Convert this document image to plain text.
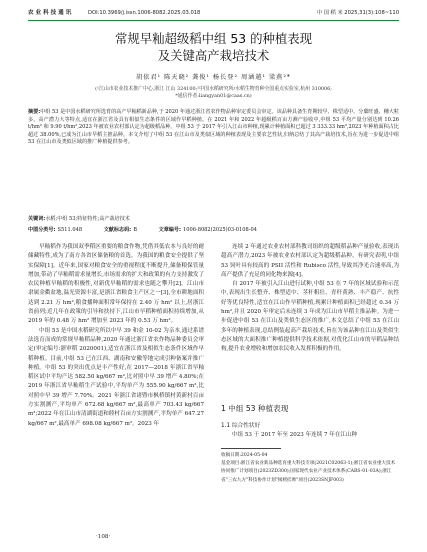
农 业 科 技 通 讯	DOI:10.3969/j.issn.1006-8082.2025.03.018	中 国 稻 米 2025,31(3):108~110
常规早籼超级稻中组 53 的种植表现
及关键高产栽培技术
胡依君¹ 陈天晓² 龚俊¹ 杨长登² 周涵越¹ 梁燕²*
(¹江山市农业技术推广中心,浙江 江山 324100;²中国水稻研究所/水稻生物育种全国重点实验室,杭州 310006;
*通信作者:liangyan01@caas.cn)
摘要:中组 53 是中国水稻研究所选育的高产早籼稻新品种,于 2020 年通过浙江省农作物品种审定委员会审定。该品种具备生育期较早、株型适中、分蘖旺盛、穗大粒多、高产潜力大等特点,适宜在浙江省及具有相似生态条件的区域作早稻种植。在 2021 年和 2022 年超级稻百亩方测产验收中,中组 53 平均产量分别达到 10.26 t/hm² 和 9.90 t/hm²,2023 年被农业农村部认定为超级稻品种。中组 53 于 2017 年引入江山市种植,现累计种植面积已超过 3 333.33 hm²,2023 年种植面积占比超过 38.00%,已成为江山市早稻主推品种。本文介绍了中组 53 在江山市及类似区域的种植表现及主要农艺性状,归纳总结了其高产栽培技术,旨在为进一步促进中组 53 在江山市及类似区域的推广种植提供参考。
关键词:水稻;中组 53;特征特性;高产栽培技术
中图分类号: S511.048	文献标志码: B	文章编号: 1006-8082(2025)03-0108-04

早籼稻作为我国双季稻区重要的粮食作物,凭借其低农本与良好的耐储藏特性,成为了南方各省区储备粮的首选。为我国的粮食安全提供了坚实保障[1]。近年来,国家对粮食安全的重视程度不断提升,储备粮保管量增加,带动了早籼稻需求量增长,市场需求的扩大和政策的有力支持激发了农民种植早籼稻的积极性,对新优早籼稻的需求也随之攀升[2]。江山市隶属金衢盆地,温光资源丰富,是浙江省粮食主产区之一[3],全市耕地面积达到 2.21 万 hm²,粮食播种面积常年保持在 2.40 万 hm² 以上,居浙江省前列;近几年在政策的引导和扶持下,江山市早稻种植面积持续增加,从 2019 年的 0.48 万 hm² 增加至 2023 年的 0.53 万 hm²。

中组 53 是中国水稻研究所以中早 39 和金 10-02 为亲本,通过系谱法选育而成的常规早籼稻品种,2020 年通过浙江省农作物品种委员会审定(审定编号:浙审稻 2020001),适宜在浙江省及相似生态条件区域作早稻种植。目前,中组 53 已在江西、湖南和安徽等地完成引种备案并推广种植。中组 53 的突出优点是丰产性好,在 2017—2018 年浙江省早籼稻区试中平均产达 582.50 kg/667 m²,比对照中早 39 增产 4.80%;在 2019 年浙江省早籼稻生产试验中,平均单产为 555.90 kg/667 m²,比对照中早 39 增产 7.70%。2021 年浙江省诸暨市枫桥镇村黄新村百亩方实割测产,平均单产 672.68 kg/667 m²,最高单产 703.43 kg/667 m²;2022 年在江山市清湖街道和睦村百亩方实割测产,平均单产 647.27 kg/667 m²,最高单产 698.08 kg/667 m²。2023 年

连续 2 年通过农业农村部科教司组织的超级稻品种产量验收,表现出超高产潜力,2023 年被农业农村部认定为超级稻品种。有研究表明,中组 53 饲叶具有较高的 PSII 活性和 Rubisco 活性,导致其净光合速率高,为高产提供了充足的同化物来源[4]。

自 2017 年被引入江山进行试种,中组 53 在 7 年的区域试验和示范中,表现出生长整齐、株型适中、茎秆粗壮、青秆黄熟、丰产稳产、抗性好等优良特性,适宜在江山作早稻种植,现累计种植面积已经超过 0.34 万 hm²,并且 2020 年审定后未连续 3 年成为江山市早稻主推品种。为进一步促进中组 53 在江山及类似生态区的推广,本文总结了中组 53 在江山多年的种植表现,总结例装起高产栽培技术,旨在为该品种在江山及类似生态区域的大面积推广种植提供科学技术依据,对优化江山市的早稻品种结构,提升农业增收和增加农民收入发挥积极的作用。

1 中组 53 种植表现
1.1 综合性状好
中组 53 于 2017 年至 2023 年连续 7 年在江山种
收稿日期:2024-05-04
基金项目:浙江省农业新品种选育重大科技专项(2021C02063-1);浙江省农业重大技术协同推广计划项目(2023ZD300);国家现代农业产业技术体系(CARS-01-03A);浙江省"三农九方"科技协作计划"揭榜挂帅"项目(2023SNJF003)
·108·
